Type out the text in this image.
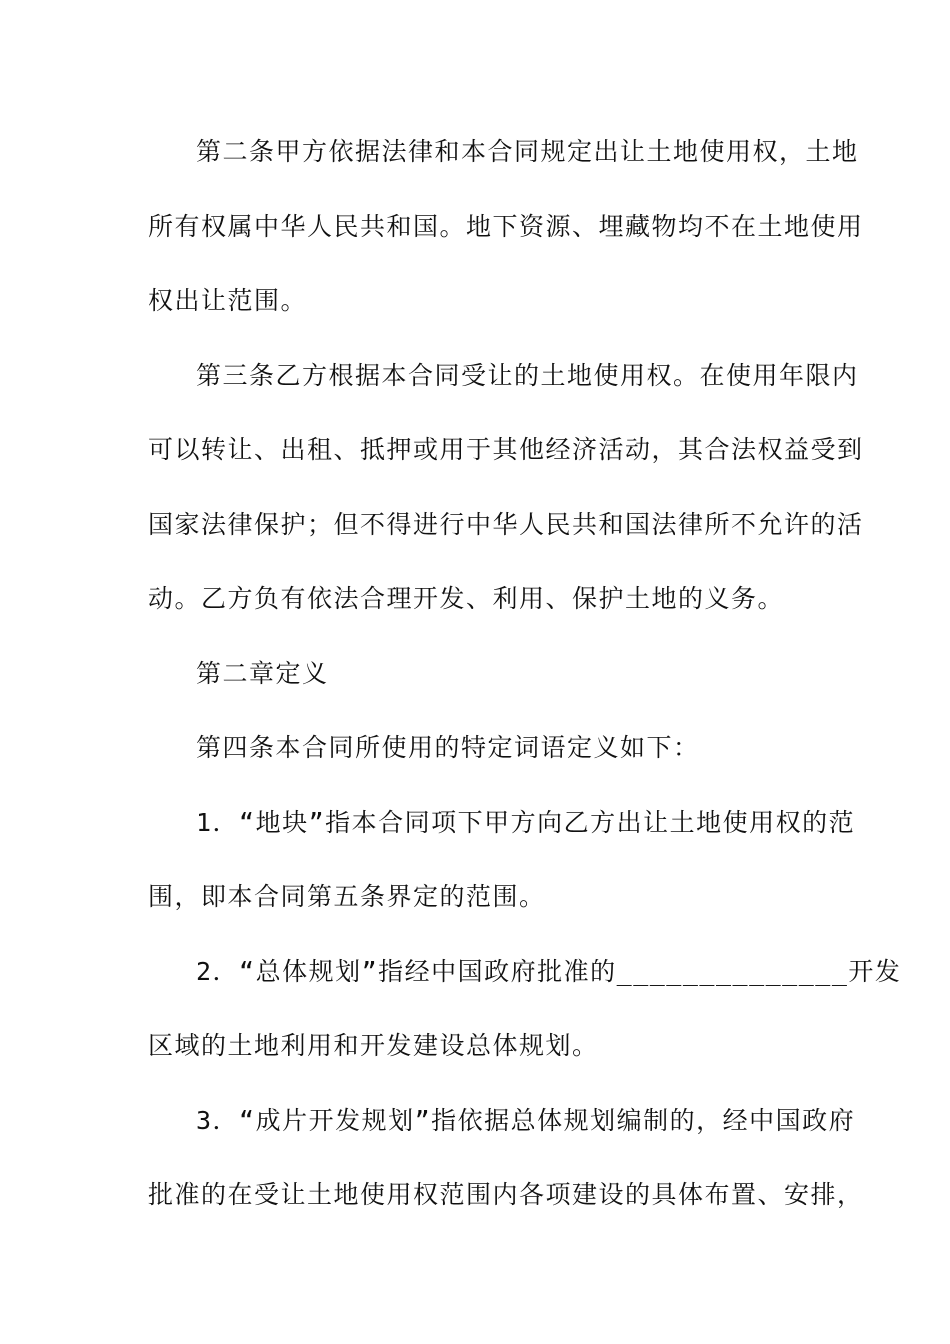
第二条甲方依据法律和本合同规定出让土地使用权，土地
所有权属中华人民共和国。地下资源、埋藏物均不在土地使用
权出让范围。
第三条乙方根据本合同受让的土地使用权。在使用年限内
可以转让、出租、抵押或用于其他经济活动，其合法权益受到
国家法律保护；但不得进行中华人民共和国法律所不允许的活
动。乙方负有依法合理开发、利用、保护土地的义务。
第二章定义
第四条本合同所使用的特定词语定义如下：
1．“地块”指本合同项下甲方向乙方出让土地使用权的范
围，即本合同第五条界定的范围。
2．“总体规划”指经中国政府批准的______________开发
区域的土地利用和开发建设总体规划。
3．“成片开发规划”指依据总体规划编制的，经中国政府
批准的在受让土地使用权范围内各项建设的具体布置、安排，
